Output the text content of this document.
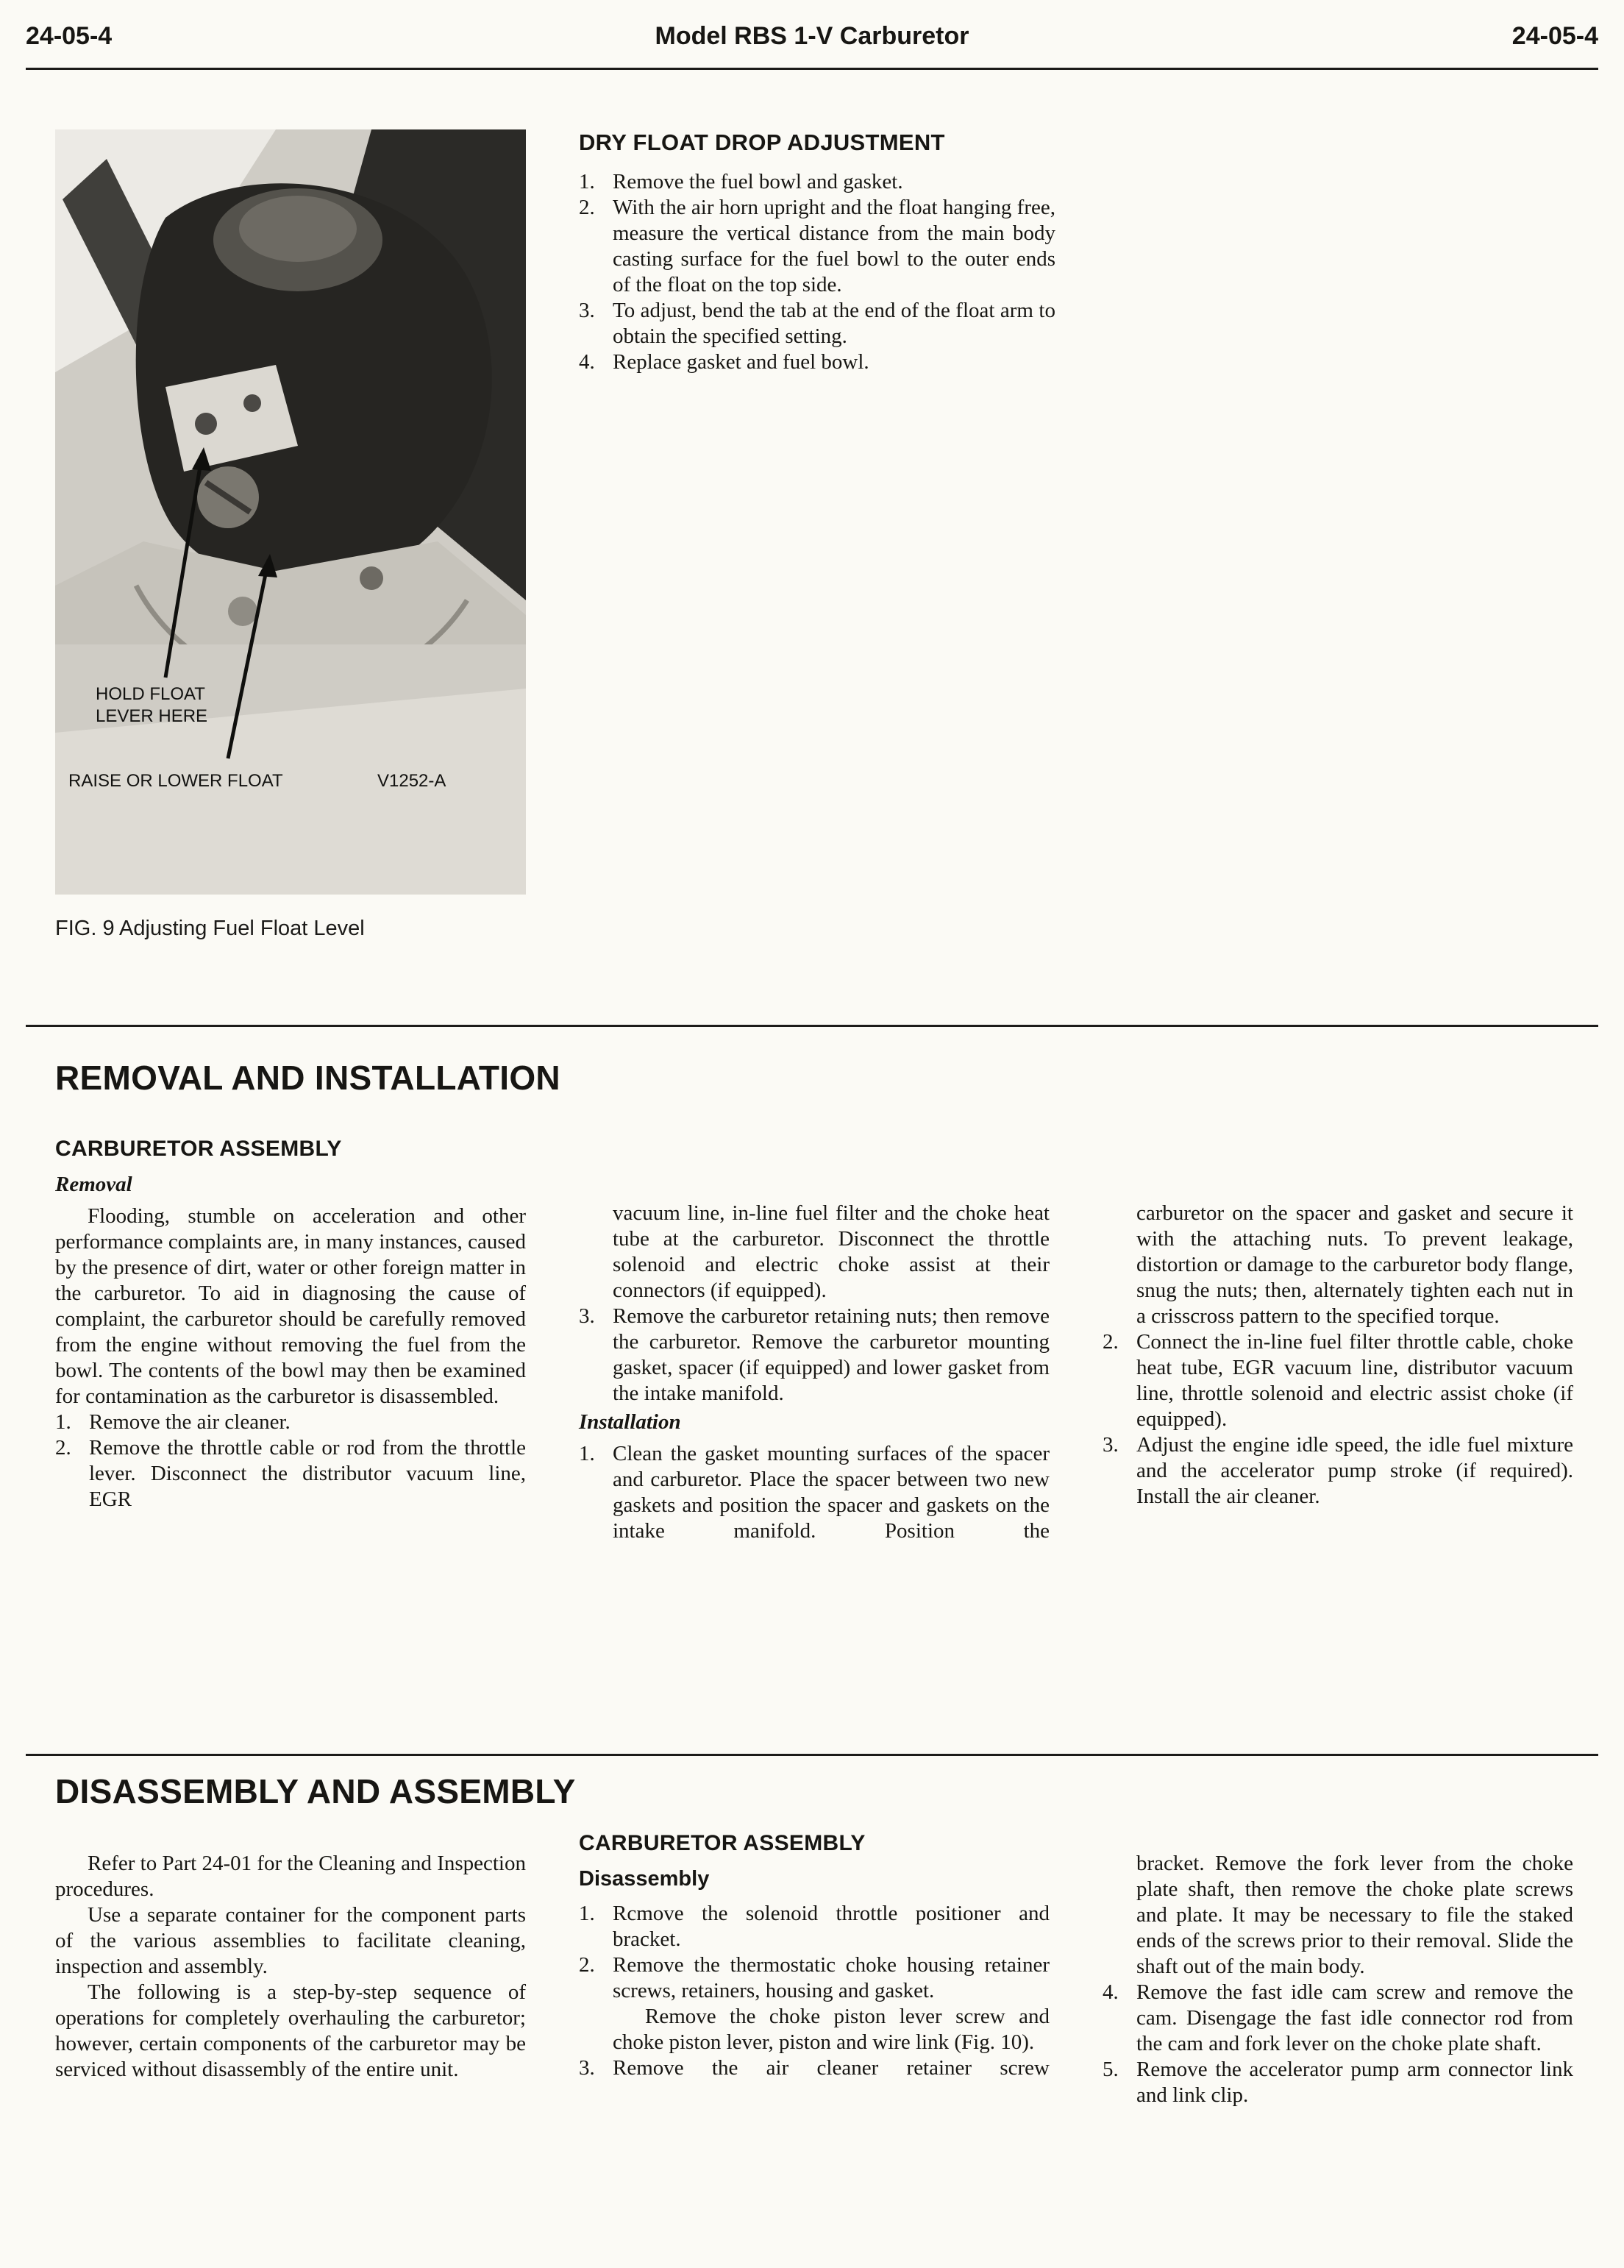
24-05-4	Model RBS 1-V Carburetor	24-05-4
HOLD FLOAT
LEVER HERE
RAISE OR LOWER FLOAT	V1252-A
FIG. 9 Adjusting Fuel Float Level
DRY FLOAT DROP ADJUSTMENT
1. Remove the fuel bowl and gasket.
2. With the air horn upright and the float hanging free, measure the vertical distance from the main body casting surface for the fuel bowl to the outer ends of the float on the top side.
3. To adjust, bend the tab at the end of the float arm to obtain the specified setting.
4. Replace gasket and fuel bowl.
REMOVAL AND INSTALLATION
CARBURETOR ASSEMBLY
Removal

Flooding, stumble on acceleration and other performance complaints are, in many instances, caused by the presence of dirt, water or other foreign matter in the carburetor. To aid in diagnosing the cause of complaint, the carburetor should be carefully removed from the engine without removing the fuel from the bowl. The contents of the bowl may then be examined for contamination as the carburetor is disassembled.

1. Remove the air cleaner.
2. Remove the throttle cable or rod from the throttle lever. Disconnect the distributor vacuum line, EGR

vacuum line, in-line fuel filter and the choke heat tube at the carburetor. Disconnect the throttle solenoid and electric choke assist at their connectors (if equipped).

3. Remove the carburetor retaining nuts; then remove the carburetor. Remove the carburetor mounting gasket, spacer (if equipped) and lower gasket from the intake manifold.
Installation
1. Clean the gasket mounting surfaces of the spacer and carburetor. Place the spacer between two new gaskets and position the spacer and gaskets on the intake manifold. Position the

carburetor on the spacer and gasket and secure it with the attaching nuts. To prevent leakage, distortion or damage to the carburetor body flange, snug the nuts; then, alternately tighten each nut in a crisscross pattern to the specified torque.

2. Connect the in-line fuel filter throttle cable, choke heat tube, EGR vacuum line, distributor vacuum line, throttle solenoid and electric assist choke (if equipped).
3. Adjust the engine idle speed, the idle fuel mixture and the accelerator pump stroke (if required). Install the air cleaner.
DISASSEMBLY AND ASSEMBLY

Refer to Part 24-01 for the Cleaning and Inspection procedures.

Use a separate container for the component parts of the various assemblies to facilitate cleaning, inspection and assembly.

The following is a step-by-step sequence of operations for completely overhauling the carburetor; however, certain components of the carburetor may be serviced without disassembly of the entire unit.

CARBURETOR ASSEMBLY
Disassembly
1. Rcmove the solenoid throttle positioner and bracket.
2. Remove the thermostatic choke housing retainer screws, retainers, housing and gasket.
Remove the choke piston lever screw and choke piston lever, piston and wire link (Fig. 10).
3. Remove the air cleaner retainer screw

bracket. Remove the fork lever from the choke plate shaft, then remove the choke plate screws and plate. It may be necessary to file the staked ends of the screws prior to their removal. Slide the shaft out of the main body.

4. Remove the fast idle cam screw and remove the cam. Disengage the fast idle connector rod from the cam and fork lever on the choke plate shaft.
5. Remove the accelerator pump arm connector link and link clip.
